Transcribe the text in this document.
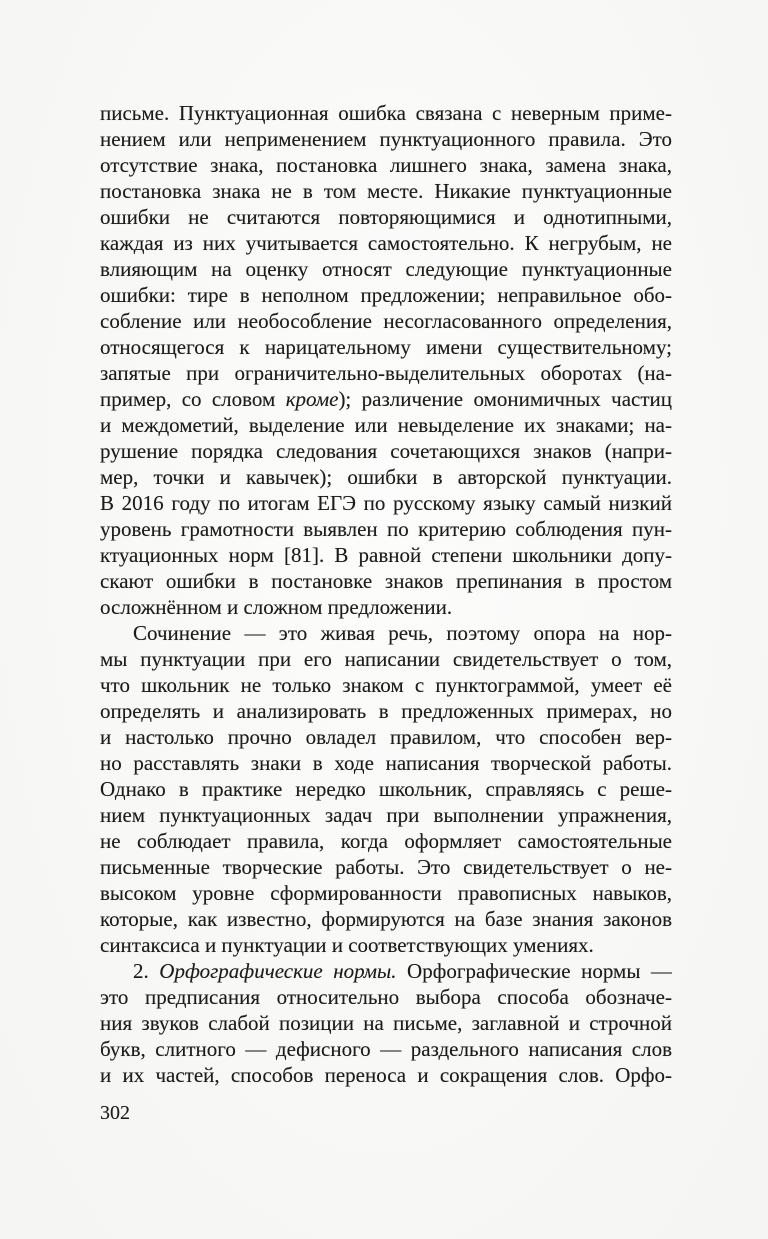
письме. Пунктуационная ошибка связана с неверным приме-
нением или неприменением пунктуационного правила. Это
отсутствие знака, постановка лишнего знака, замена знака,
постановка знака не в том месте. Никакие пунктуационные
ошибки не считаются повторяющимися и однотипными,
каждая из них учитывается самостоятельно. К негрубым, не
влияющим на оценку относят следующие пунктуационные
ошибки: тире в неполном предложении; неправильное обо-
собление или необособление несогласованного определения,
относящегося к нарицательному имени существительному;
запятые при ограничительно-выделительных оборотах (на-
пример, со словом кроме); различение омонимичных частиц
и междометий, выделение или невыделение их знаками; на-
рушение порядка следования сочетающихся знаков (напри-
мер, точки и кавычек); ошибки в авторской пунктуации.
В 2016 году по итогам ЕГЭ по русскому языку самый низкий
уровень грамотности выявлен по критерию соблюдения пун-
ктуационных норм [81]. В равной степени школьники допу-
скают ошибки в постановке знаков препинания в простом
осложнённом и сложном предложении.
Сочинение — это живая речь, поэтому опора на нор-
мы пунктуации при его написании свидетельствует о том,
что школьник не только знаком с пунктограммой, умеет её
определять и анализировать в предложенных примерах, но
и настолько прочно овладел правилом, что способен вер-
но расставлять знаки в ходе написания творческой работы.
Однако в практике нередко школьник, справляясь с реше-
нием пунктуационных задач при выполнении упражнения,
не соблюдает правила, когда оформляет самостоятельные
письменные творческие работы. Это свидетельствует о не-
высоком уровне сформированности правописных навыков,
которые, как известно, формируются на базе знания законов
синтаксиса и пунктуации и соответствующих умениях.
2. Орфографические нормы. Орфографические нормы —
это предписания относительно выбора способа обозначе-
ния звуков слабой позиции на письме, заглавной и строчной
букв, слитного — дефисного — раздельного написания слов
и их частей, способов переноса и сокращения слов. Орфо-
302
